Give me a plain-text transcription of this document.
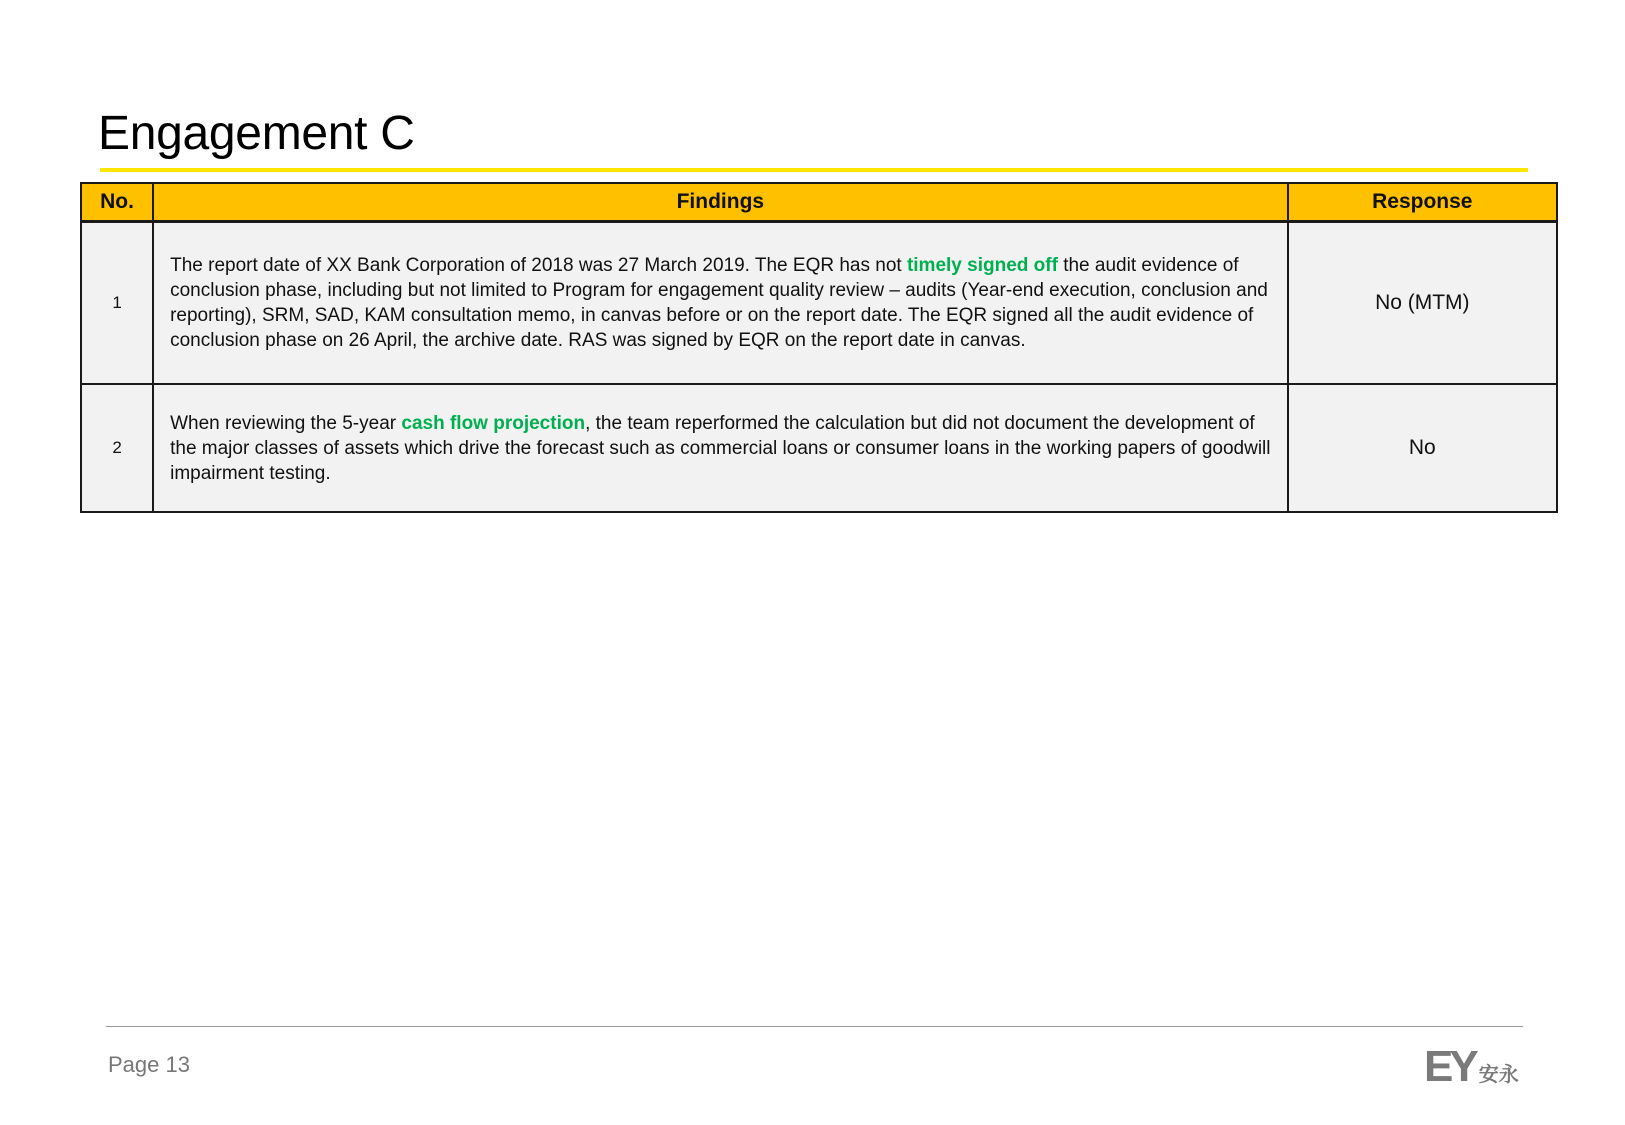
Engagement C
No.	Findings	Response
1	The report date of XX Bank Corporation of 2018 was 27 March 2019. The EQR has not timely signed off the audit evidence of conclusion phase, including but not limited to Program for engagement quality review – audits (Year-end execution, conclusion and reporting), SRM, SAD, KAM consultation memo, in canvas before or on the report date. The EQR signed all the audit evidence of conclusion phase on 26 April, the archive date. RAS was signed by EQR on the report date in canvas.	No (MTM)
2	When reviewing the 5-year cash flow projection, the team reperformed the calculation but did not document the development of the major classes of assets which drive the forecast such as commercial loans or consumer loans in the working papers of goodwill impairment testing.	No
Page 13	EY 安永
